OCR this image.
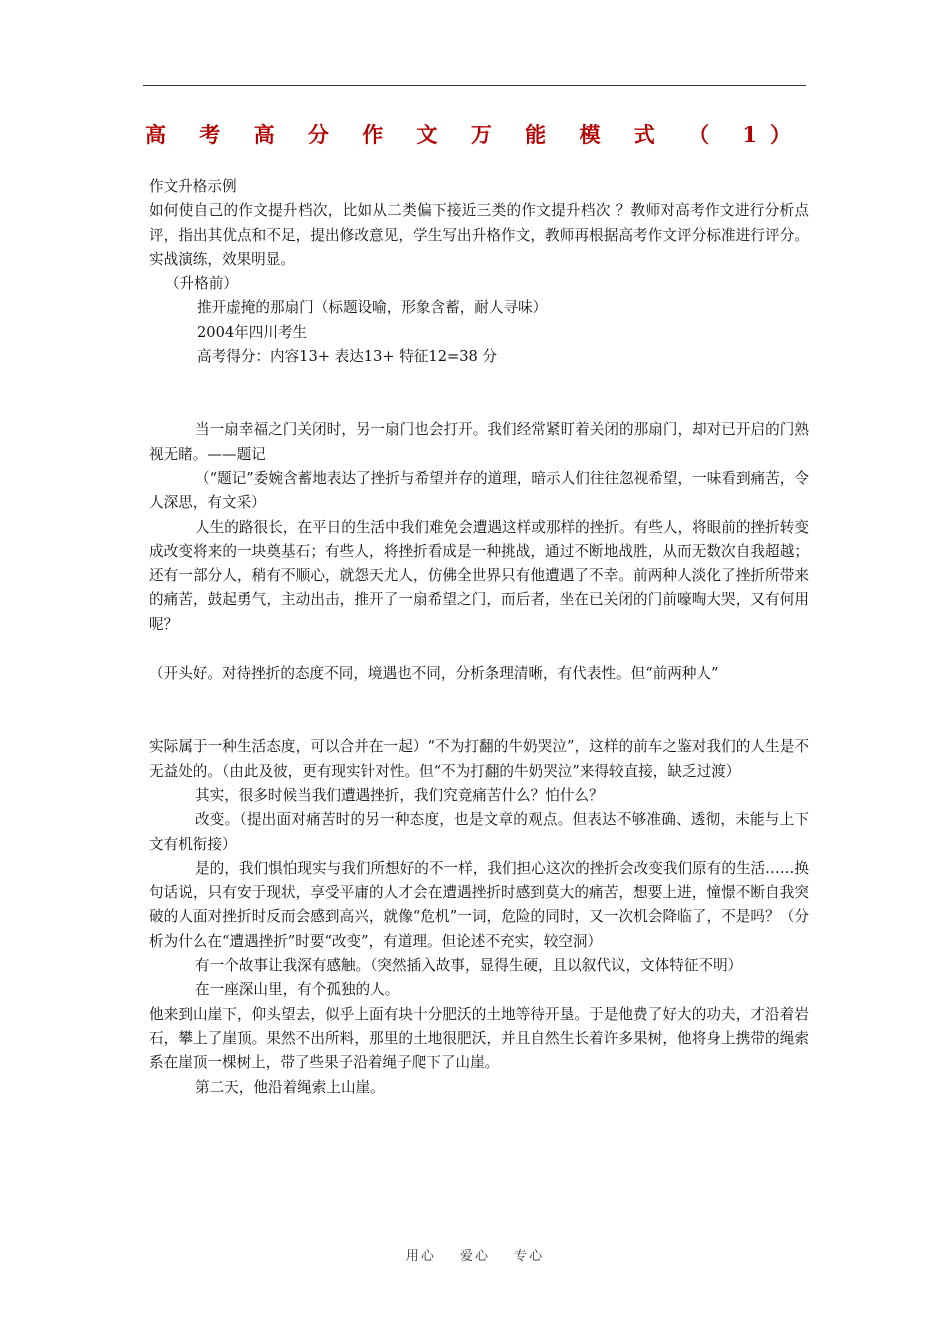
高 考 高 分 作 文 万 能 模 式 （ 1）

作文升格示例

如何使自己的作文提升档次，比如从二类偏下接近三类的作文提升档次 ？教师对高考作文进行分析点评，指出其优点和不足，提出修改意见，学生写出升格作文，教师再根据高考作文评分标准进行评分。实战演练，效果明显。

（升格前）

推开虚掩的那扇门（标题设喻，形象含蓄，耐人寻味）

2004年四川考生

高考得分：内容13+ 表达13+ 特征12=38 分

当一扇幸福之门关闭时，另一扇门也会打开。我们经常紧盯着关闭的那扇门，却对已开启的门熟视无睹。——题记

（“题记”委婉含蓄地表达了挫折与希望并存的道理，暗示人们往往忽视希望，一味看到痛苦，令人深思，有文采）

人生的路很长，在平日的生活中我们难免会遭遇这样或那样的挫折。有些人，将眼前的挫折转变成改变将来的一块奠基石；有些人，将挫折看成是一种挑战，通过不断地战胜，从而无数次自我超越；还有一部分人，稍有不顺心，就怨天尤人，仿佛全世界只有他遭遇了不幸。前两种人淡化了挫折所带来的痛苦，鼓起勇气，主动出击，推开了一扇希望之门，而后者，坐在已关闭的门前嚎啕大哭，又有何用呢？

（开头好。对待挫折的态度不同，境遇也不同，分析条理清晰，有代表性。但“前两种人”

实际属于一种生活态度，可以合并在一起）“不为打翻的牛奶哭泣”，这样的前车之鉴对我们的人生是不无益处的。（由此及彼，更有现实针对性。但“不为打翻的牛奶哭泣”来得较直接，缺乏过渡）

其实，很多时候当我们遭遇挫折，我们究竟痛苦什么？怕什么？

改变。（提出面对痛苦时的另一种态度，也是文章的观点。但表达不够准确、透彻，未能与上下文有机衔接）

是的，我们惧怕现实与我们所想好的不一样，我们担心这次的挫折会改变我们原有的生活……换句话说，只有安于现状，享受平庸的人才会在遭遇挫折时感到莫大的痛苦，想要上进，憧憬不断自我突破的人面对挫折时反而会感到高兴，就像“危机”一词，危险的同时，又一次机会降临了，不是吗？（分析为什么在“遭遇挫折”时要“改变”，有道理。但论述不充实，较空洞）

有一个故事让我深有感触。（突然插入故事，显得生硬，且以叙代议，文体特征不明）

在一座深山里，有个孤独的人。

他来到山崖下，仰头望去，似乎上面有块十分肥沃的土地等待开垦。于是他费了好大的功夫，才沿着岩石，攀上了崖顶。果然不出所料，那里的土地很肥沃，并且自然生长着许多果树，他将身上携带的绳索系在崖顶一棵树上，带了些果子沿着绳子爬下了山崖。

第二天，他沿着绳索上山崖。

用心 爱心 专心
